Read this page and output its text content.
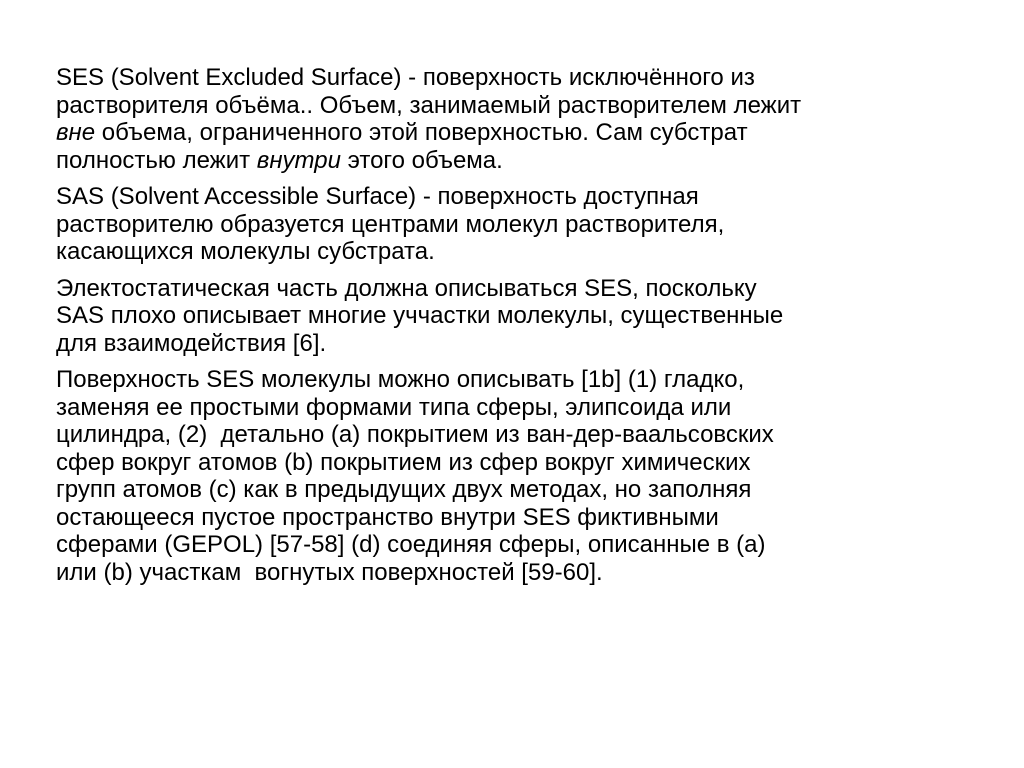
SES (Solvent Excluded Surface) - поверхность исключённого из
растворителя объёма.. Объем, занимаемый растворителем лежит
вне объема, ограниченного этой поверхностью. Сам субстрат
полностью лежит внутри этого объема.
SAS (Solvent Accessible Surface) - поверхность доступная
растворителю образуется центрами молекул растворителя,
касающихся молекулы субстрата.
Электостатическая часть должна описываться SES, поскольку
SAS плохо описывает многие уччастки молекулы, существенные
для взаимодействия [6].
Поверхность SES молекулы можно описывать [1b] (1) гладко,
заменяя ее простыми формами типа сферы, элипсоида или
цилиндра, (2)  детально (a) покрытием из ван-дер-ваальсовских
сфер вокруг атомов (b) покрытием из сфер вокруг химических
групп атомов (c) как в предыдущих двух методах, но заполняя
остающееся пустое пространство внутри SES фиктивными
сферами (GEPOL) [57-58] (d) соединяя сферы, описанные в (a)
или (b) участкам  вогнутых поверхностей [59-60].
